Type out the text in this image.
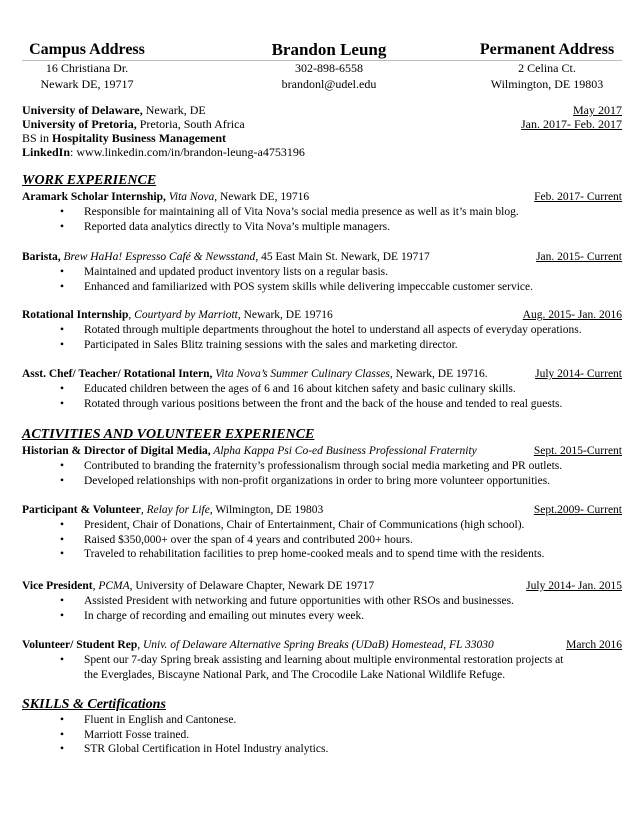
Campus Address
16 Christiana Dr.
Newark DE, 19717
Brandon Leung
302-898-6558
brandonl@udel.edu
Permanent Address
2 Celina Ct.
Wilmington, DE 19803
University of Delaware, Newark, DE	May 2017
University of Pretoria, Pretoria, South Africa	Jan. 2017- Feb. 2017
BS in Hospitality Business Management
LinkedIn: www.linkedin.com/in/brandon-leung-a4753196
WORK EXPERIENCE
Aramark Scholar Internship, Vita Nova, Newark DE, 19716	Feb. 2017- Current
• Responsible for maintaining all of Vita Nova’s social media presence as well as it’s main blog.
• Reported data analytics directly to Vita Nova’s multiple managers.
Barista, Brew HaHa! Espresso Café & Newsstand, 45 East Main St. Newark, DE 19717	Jan. 2015- Current
• Maintained and updated product inventory lists on a regular basis.
• Enhanced and familiarized with POS system skills while delivering impeccable customer service.
Rotational Internship, Courtyard by Marriott, Newark, DE 19716	Aug. 2015- Jan. 2016
• Rotated through multiple departments throughout the hotel to understand all aspects of everyday operations.
• Participated in Sales Blitz training sessions with the sales and marketing director.
Asst. Chef/ Teacher/ Rotational Intern, Vita Nova’s Summer Culinary Classes, Newark, DE 19716.	July 2014- Current
• Educated children between the ages of 6 and 16 about kitchen safety and basic culinary skills.
• Rotated through various positions between the front and the back of the house and tended to real guests.
ACTIVITIES AND VOLUNTEER EXPERIENCE
Historian & Director of Digital Media, Alpha Kappa Psi Co-ed Business Professional Fraternity	Sept. 2015-Current
• Contributed to branding the fraternity’s professionalism through social media marketing and PR outlets.
• Developed relationships with non-profit organizations in order to bring more volunteer opportunities.
Participant & Volunteer, Relay for Life, Wilmington, DE 19803	Sept.2009- Current
• President, Chair of Donations, Chair of Entertainment, Chair of Communications (high school).
• Raised $350,000+ over the span of 4 years and contributed 200+ hours.
• Traveled to rehabilitation facilities to prep home-cooked meals and to spend time with the residents.
Vice President, PCMA, University of Delaware Chapter, Newark DE 19717	July 2014- Jan. 2015
• Assisted President with networking and future opportunities with other RSOs and businesses.
• In charge of recording and emailing out minutes every week.
Volunteer/ Student Rep, Univ. of Delaware Alternative Spring Breaks (UDaB) Homestead, FL 33030	March 2016
• Spent our 7-day Spring break assisting and learning about multiple environmental restoration projects at
the Everglades, Biscayne National Park, and The Crocodile Lake National Wildlife Refuge.
SKILLS & Certifications
• Fluent in English and Cantonese.
• Marriott Fosse trained.
• STR Global Certification in Hotel Industry analytics.
